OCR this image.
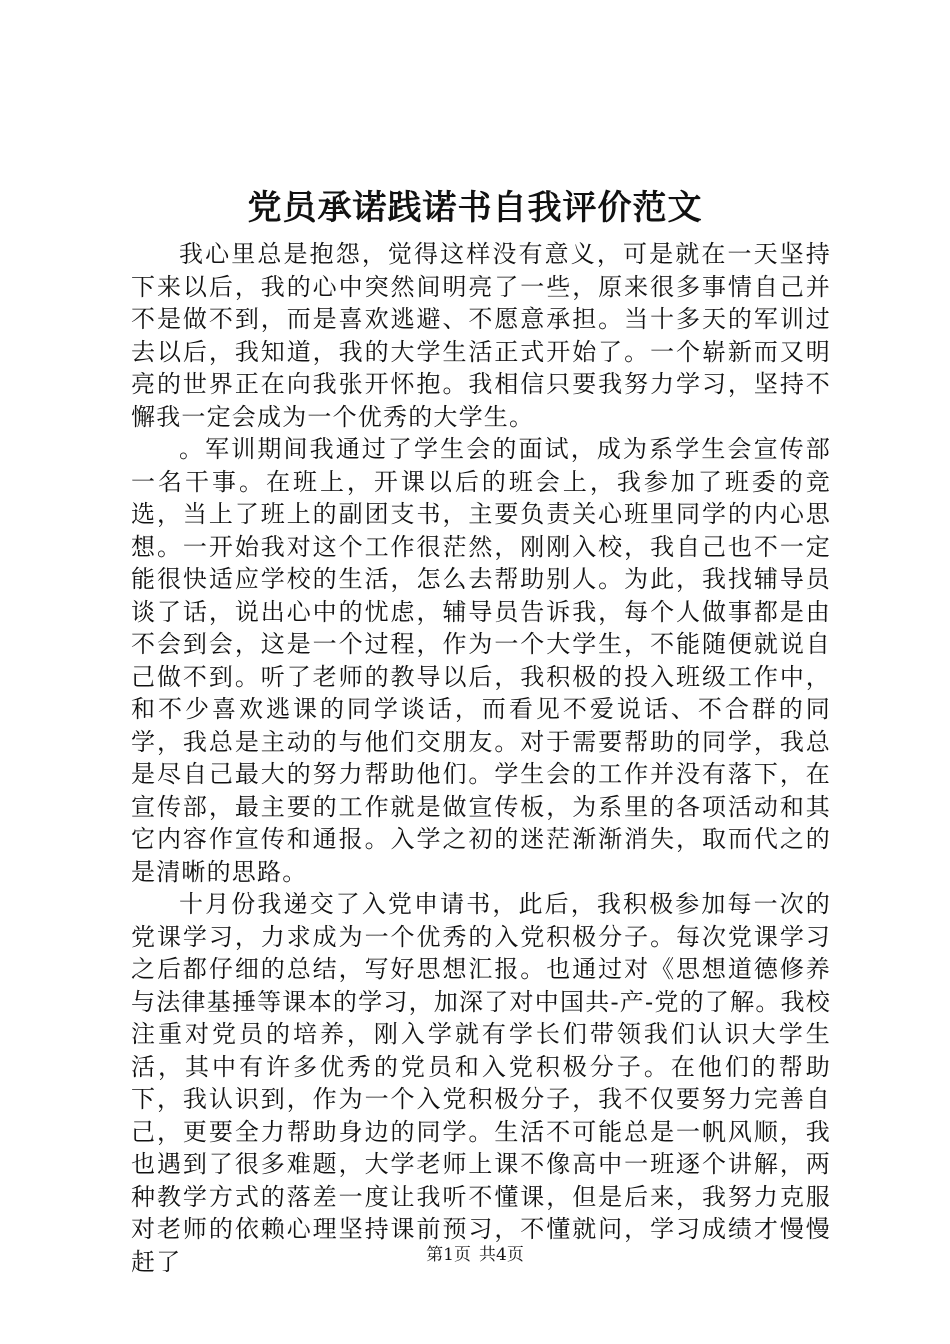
党员承诺践诺书自我评价范文

我心里总是抱怨，觉得这样没有意义，可是就在一天坚持下来以后，我的心中突然间明亮了一些，原来很多事情自己并不是做不到，而是喜欢逃避、不愿意承担。当十多天的军训过去以后，我知道，我的大学生活正式开始了。一个崭新而又明亮的世界正在向我张开怀抱。我相信只要我努力学习，坚持不懈我一定会成为一个优秀的大学生。

。军训期间我通过了学生会的面试，成为系学生会宣传部一名干事。在班上，开课以后的班会上，我参加了班委的竞选，当上了班上的副团支书，主要负责关心班里同学的内心思想。一开始我对这个工作很茫然，刚刚入校，我自己也不一定能很快适应学校的生活，怎么去帮助别人。为此，我找辅导员谈了话，说出心中的忧虑，辅导员告诉我，每个人做事都是由不会到会，这是一个过程，作为一个大学生，不能随便就说自己做不到。听了老师的教导以后，我积极的投入班级工作中，和不少喜欢逃课的同学谈话，而看见不爱说话、不合群的同学，我总是主动的与他们交朋友。对于需要帮助的同学，我总是尽自己最大的努力帮助他们。学生会的工作并没有落下，在宣传部，最主要的工作就是做宣传板，为系里的各项活动和其它内容作宣传和通报。入学之初的迷茫渐渐消失，取而代之的是清晰的思路。

十月份我递交了入党申请书，此后，我积极参加每一次的党课学习，力求成为一个优秀的入党积极分子。每次党课学习之后都仔细的总结，写好思想汇报。也通过对《思想道德修养与法律基捶等课本的学习，加深了对中国共-产-党的了解。我校注重对党员的培养，刚入学就有学长们带领我们认识大学生活，其中有许多优秀的党员和入党积极分子。在他们的帮助下，我认识到，作为一个入党积极分子，我不仅要努力完善自己，更要全力帮助身边的同学。生活不可能总是一帆风顺，我也遇到了很多难题，大学老师上课不像高中一班逐个讲解，两种教学方式的落差一度让我听不懂课，但是后来，我努力克服对老师的依赖心理坚持课前预习，不懂就问，学习成绩才慢慢赶了	第1页 共4页
